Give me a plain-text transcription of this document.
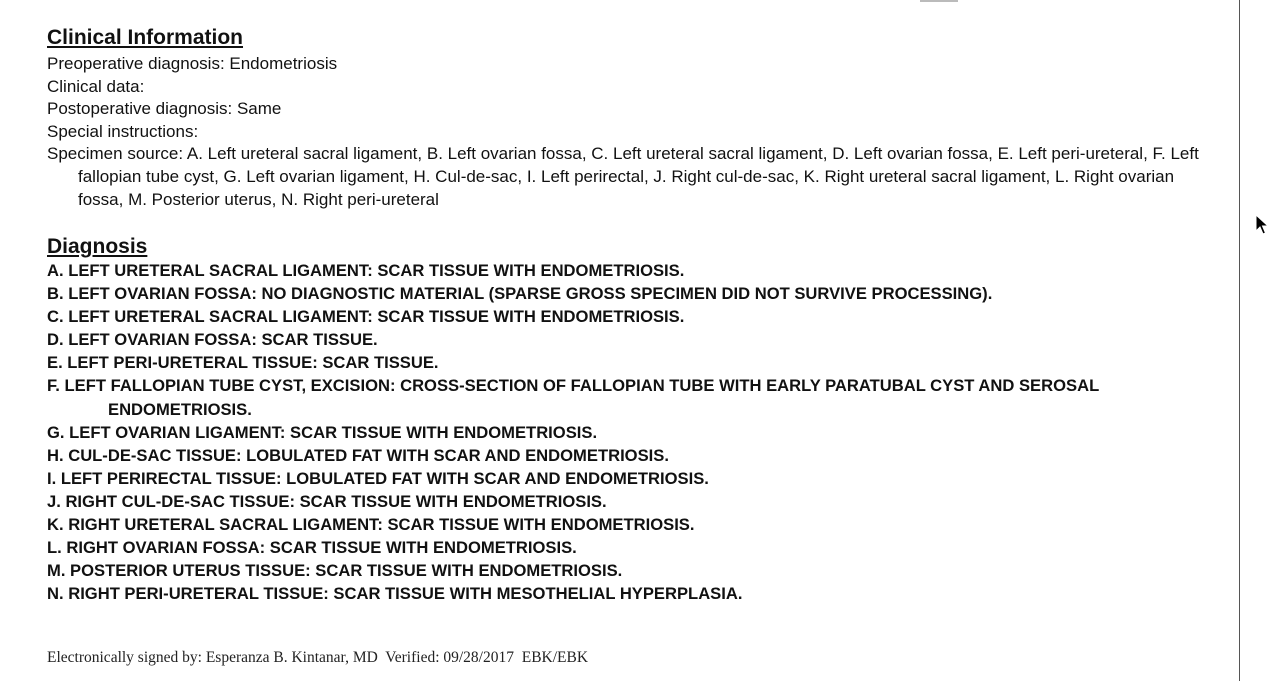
Clinical Information

Preoperative diagnosis: Endometriosis

Clinical data:

Postoperative diagnosis: Same

Special instructions:

Specimen source: A. Left ureteral sacral ligament, B. Left ovarian fossa, C. Left ureteral sacral ligament, D. Left ovarian fossa, E. Left peri-ureteral, F. Left fallopian tube cyst, G. Left ovarian ligament, H. Cul-de-sac, I. Left perirectal, J. Right cul-de-sac, K. Right ureteral sacral ligament, L. Right ovarian fossa, M. Posterior uterus, N. Right peri-ureteral

Diagnosis

A. LEFT URETERAL SACRAL LIGAMENT: SCAR TISSUE WITH ENDOMETRIOSIS.

B. LEFT OVARIAN FOSSA: NO DIAGNOSTIC MATERIAL (SPARSE GROSS SPECIMEN DID NOT SURVIVE PROCESSING).

C. LEFT URETERAL SACRAL LIGAMENT: SCAR TISSUE WITH ENDOMETRIOSIS.

D. LEFT OVARIAN FOSSA: SCAR TISSUE.

E. LEFT PERI-URETERAL TISSUE: SCAR TISSUE.

F. LEFT FALLOPIAN TUBE CYST, EXCISION: CROSS-SECTION OF FALLOPIAN TUBE WITH EARLY PARATUBAL CYST AND SEROSAL ENDOMETRIOSIS.

G. LEFT OVARIAN LIGAMENT: SCAR TISSUE WITH ENDOMETRIOSIS.

H. CUL-DE-SAC TISSUE: LOBULATED FAT WITH SCAR AND ENDOMETRIOSIS.

I. LEFT PERIRECTAL TISSUE: LOBULATED FAT WITH SCAR AND ENDOMETRIOSIS.

J. RIGHT CUL-DE-SAC TISSUE: SCAR TISSUE WITH ENDOMETRIOSIS.

K. RIGHT URETERAL SACRAL LIGAMENT: SCAR TISSUE WITH ENDOMETRIOSIS.

L. RIGHT OVARIAN FOSSA: SCAR TISSUE WITH ENDOMETRIOSIS.

M. POSTERIOR UTERUS TISSUE: SCAR TISSUE WITH ENDOMETRIOSIS.

N. RIGHT PERI-URETERAL TISSUE: SCAR TISSUE WITH MESOTHELIAL HYPERPLASIA.

Electronically signed by: Esperanza B. Kintanar, MD  Verified: 09/28/2017  EBK/EBK
